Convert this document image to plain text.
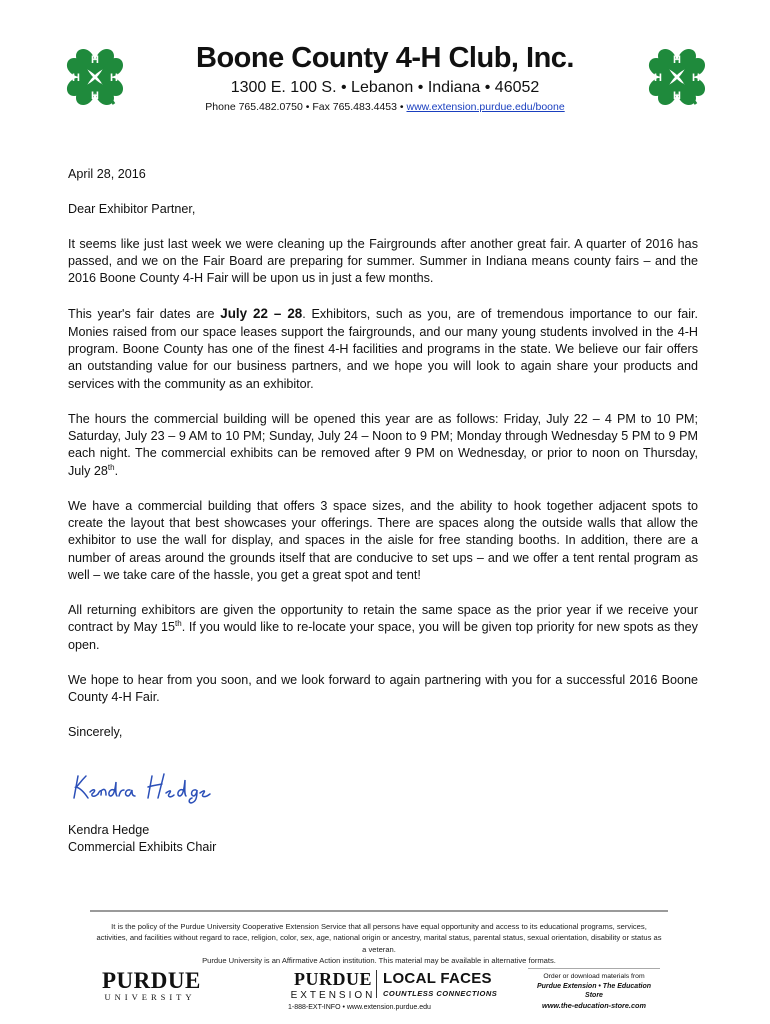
H
H
H
H
Boone County 4-H Club, Inc.
1300 E. 100 S. • Lebanon • Indiana • 46052
Phone 765.482.0750 • Fax 765.483.4453 • www.extension.purdue.edu/boone
H
H
H
H

April 28, 2016

Dear Exhibitor Partner,

It seems like just last week we were cleaning up the Fairgrounds after another great fair. A quarter of 2016 has passed, and we on the Fair Board are preparing for summer. Summer in Indiana means county fairs – and the 2016 Boone County 4-H Fair will be upon us in just a few months.

This year's fair dates are July 22 – 28. Exhibitors, such as you, are of tremendous importance to our fair. Monies raised from our space leases support the fairgrounds, and our many young students involved in the 4-H program. Boone County has one of the finest 4-H facilities and programs in the state. We believe our fair offers an outstanding value for our business partners, and we hope you will look to again share your products and services with the community as an exhibitor.

The hours the commercial building will be opened this year are as follows: Friday, July 22 – 4 PM to 10 PM; Saturday, July 23 – 9 AM to 10 PM; Sunday, July 24 – Noon to 9 PM; Monday through Wednesday 5 PM to 9 PM each night. The commercial exhibits can be removed after 9 PM on Wednesday, or prior to noon on Thursday, July 28th.

We have a commercial building that offers 3 space sizes, and the ability to hook together adjacent spots to create the layout that best showcases your offerings. There are spaces along the outside walls that allow the exhibitor to use the wall for display, and spaces in the aisle for free standing booths. In addition, there are a number of areas around the grounds itself that are conducive to set ups – and we offer a tent rental program as well – we take care of the hassle, you get a great spot and tent!

All returning exhibitors are given the opportunity to retain the same space as the prior year if we receive your contract by May 15th. If you would like to re-locate your space, you will be given top priority for new spots as they open.

We hope to hear from you soon, and we look forward to again partnering with you for a successful 2016 Boone County 4-H Fair.

Sincerely,

Kendra Hedge
Commercial Exhibits Chair

It is the policy of the Purdue University Cooperative Extension Service that all persons have equal opportunity and access to its educational programs, services, activities, and facilities without regard to race, religion, color, sex, age, national origin or ancestry, marital status, parental status, sexual orientation, disability or status as a veteran.

Purdue University is an Affirmative Action institution. This material may be available in alternative formats.

PURDUE
UNIVERSITY
PURDUE
EXTENSION
1-888-EXT-INFO • www.extension.purdue.edu
LOCAL FACES
COUNTLESS CONNECTIONS
Order or download materials from
Purdue Extension • The Education Store
www.the-education-store.com
